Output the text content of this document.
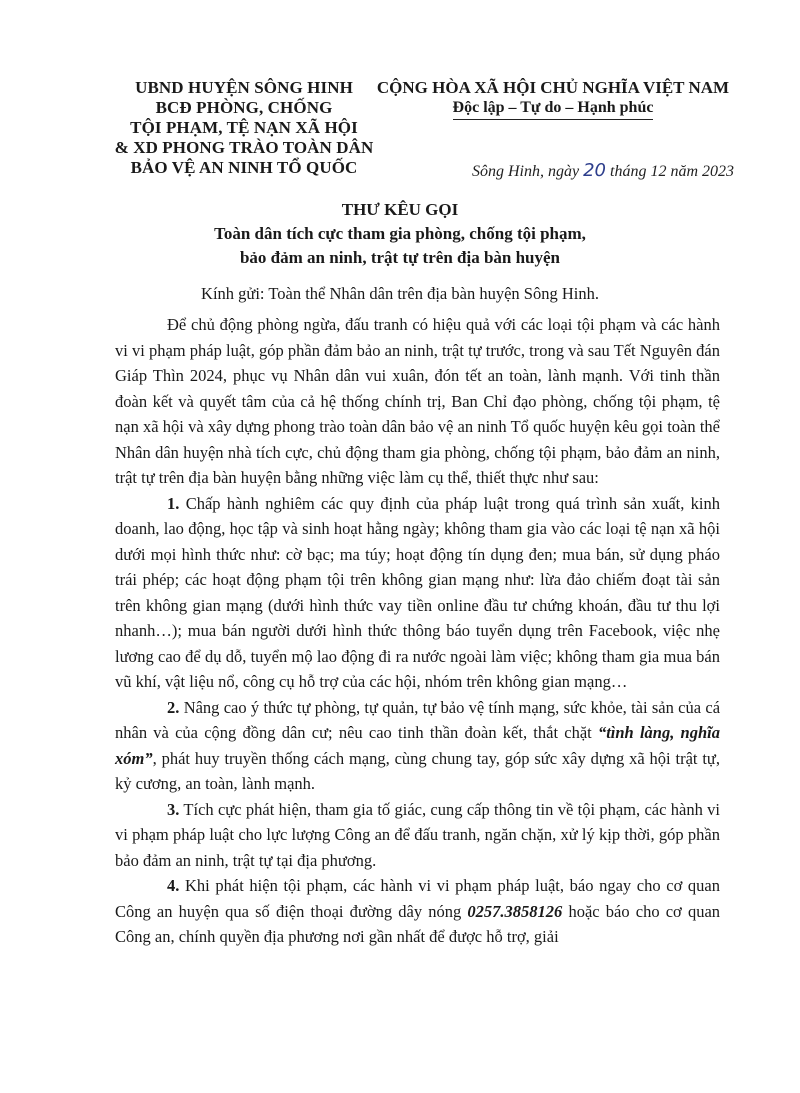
UBND HUYỆN SÔNG HINH
BCĐ PHÒNG, CHỐNG
TỘI PHẠM, TỆ NẠN XÃ HỘI
& XD PHONG TRÀO TOÀN DÂN
BẢO VỆ AN NINH TỔ QUỐC
CỘNG HÒA XÃ HỘI CHỦ NGHĨA VIỆT NAM
Độc lập – Tự do – Hạnh phúc
Sông Hinh, ngày 20 tháng 12 năm 2023
THƯ KÊU GỌI
Toàn dân tích cực tham gia phòng, chống tội phạm,
bảo đảm an ninh, trật tự trên địa bàn huyện
Kính gửi: Toàn thể Nhân dân trên địa bàn huyện Sông Hinh.

Để chủ động phòng ngừa, đấu tranh có hiệu quả với các loại tội phạm và các hành vi vi phạm pháp luật, góp phần đảm bảo an ninh, trật tự trước, trong và sau Tết Nguyên đán Giáp Thìn 2024, phục vụ Nhân dân vui xuân, đón tết an toàn, lành mạnh. Với tinh thần đoàn kết và quyết tâm của cả hệ thống chính trị, Ban Chỉ đạo phòng, chống tội phạm, tệ nạn xã hội và xây dựng phong trào toàn dân bảo vệ an ninh Tổ quốc huyện kêu gọi toàn thể Nhân dân huyện nhà tích cực, chủ động tham gia phòng, chống tội phạm, bảo đảm an ninh, trật tự trên địa bàn huyện bằng những việc làm cụ thể, thiết thực như sau:

1. Chấp hành nghiêm các quy định của pháp luật trong quá trình sản xuất, kinh doanh, lao động, học tập và sinh hoạt hằng ngày; không tham gia vào các loại tệ nạn xã hội dưới mọi hình thức như: cờ bạc; ma túy; hoạt động tín dụng đen; mua bán, sử dụng pháo trái phép; các hoạt động phạm tội trên không gian mạng như: lừa đảo chiếm đoạt tài sản trên không gian mạng (dưới hình thức vay tiền online đầu tư chứng khoán, đầu tư thu lợi nhanh…); mua bán người dưới hình thức thông báo tuyển dụng trên Facebook, việc nhẹ lương cao để dụ dỗ, tuyển mộ lao động đi ra nước ngoài làm việc; không tham gia mua bán vũ khí, vật liệu nổ, công cụ hỗ trợ của các hội, nhóm trên không gian mạng…

2. Nâng cao ý thức tự phòng, tự quản, tự bảo vệ tính mạng, sức khỏe, tài sản của cá nhân và của cộng đồng dân cư; nêu cao tinh thần đoàn kết, thắt chặt “tình làng, nghĩa xóm”, phát huy truyền thống cách mạng, cùng chung tay, góp sức xây dựng xã hội trật tự, kỷ cương, an toàn, lành mạnh.

3. Tích cực phát hiện, tham gia tố giác, cung cấp thông tin về tội phạm, các hành vi vi phạm pháp luật cho lực lượng Công an để đấu tranh, ngăn chặn, xử lý kịp thời, góp phần bảo đảm an ninh, trật tự tại địa phương.

4. Khi phát hiện tội phạm, các hành vi vi phạm pháp luật, báo ngay cho cơ quan Công an huyện qua số điện thoại đường dây nóng 0257.3858126 hoặc báo cho cơ quan Công an, chính quyền địa phương nơi gần nhất để được hỗ trợ, giải
